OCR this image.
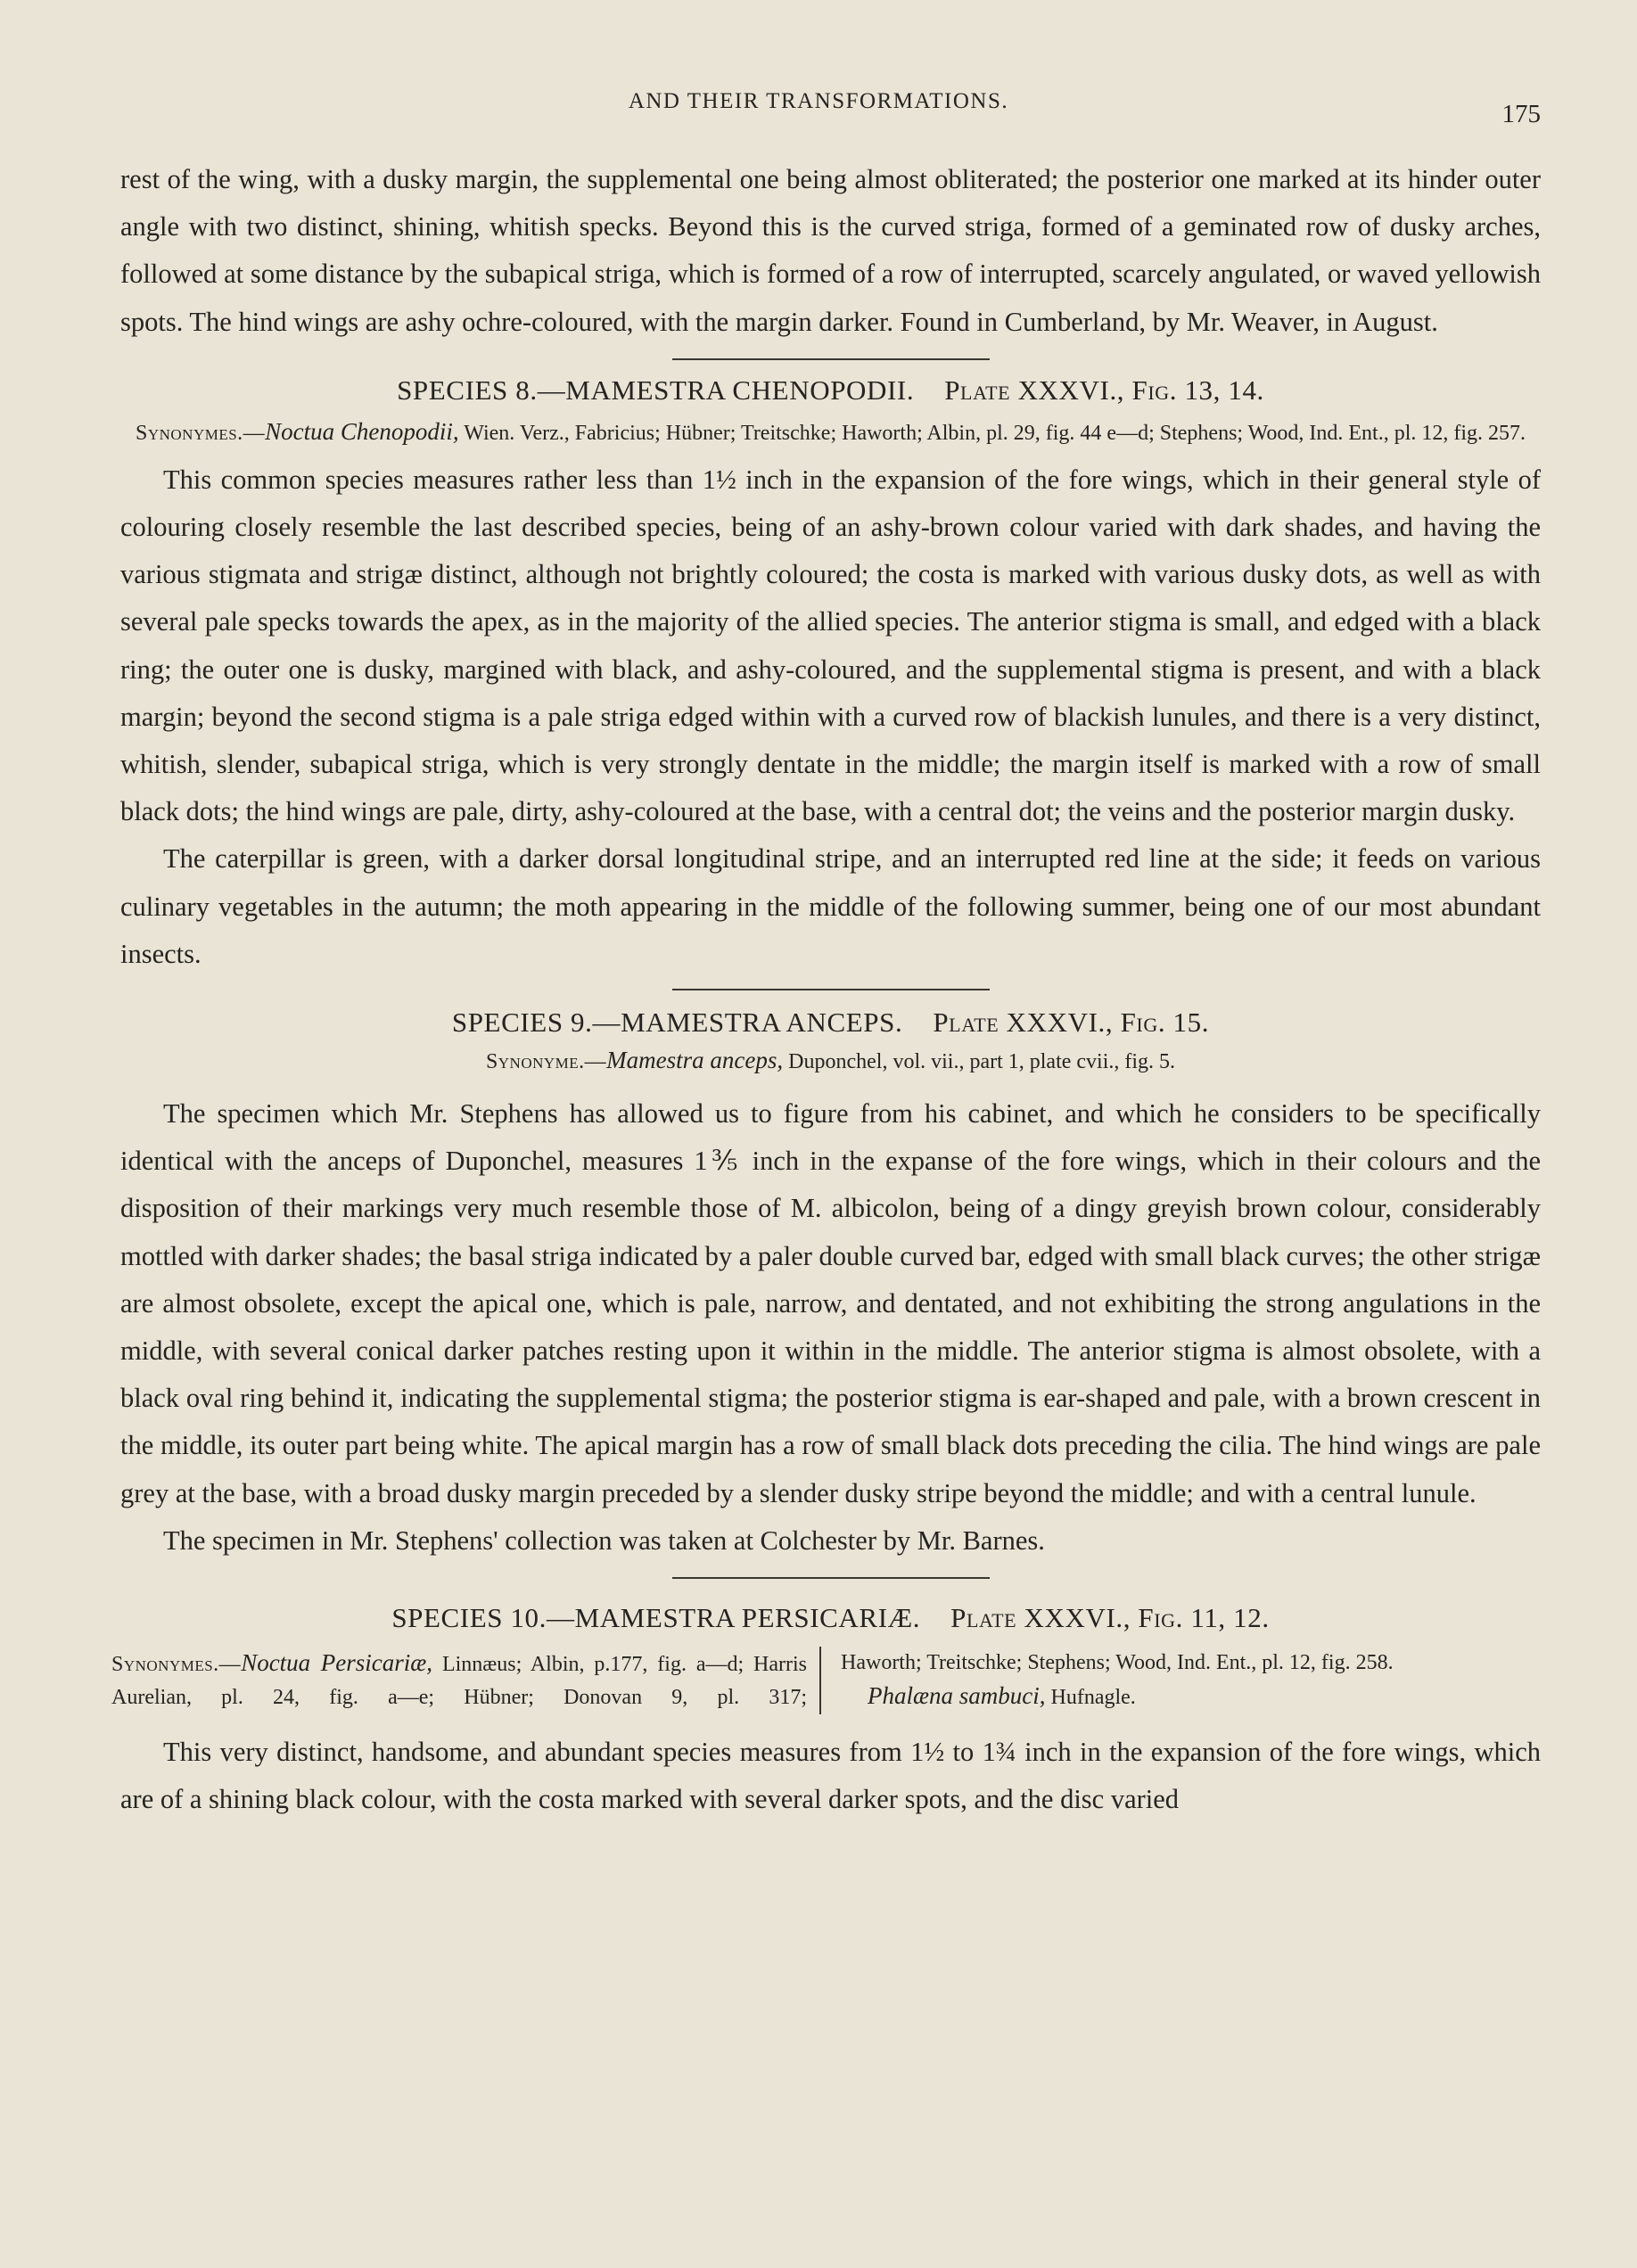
AND THEIR TRANSFORMATIONS.	175

rest of the wing, with a dusky margin, the supplemental one being almost obliterated; the posterior one marked at its hinder outer angle with two distinct, shining, whitish specks. Beyond this is the curved striga, formed of a geminated row of dusky arches, followed at some distance by the subapical striga, which is formed of a row of interrupted, scarcely angulated, or waved yellowish spots. The hind wings are ashy ochre-coloured, with the margin darker. Found in Cumberland, by Mr. Weaver, in August.

SPECIES 8.—MAMESTRA CHENOPODII. Plate XXXVI., Fig. 13, 14.
Synonymes.—Noctua Chenopodii, Wien. Verz., Fabricius; Hübner; Treitschke; Haworth; Albin, pl. 29, fig. 44 e—d; Stephens; Wood, Ind. Ent., pl. 12, fig. 257.

This common species measures rather less than 1½ inch in the expansion of the fore wings, which in their general style of colouring closely resemble the last described species, being of an ashy-brown colour varied with dark shades, and having the various stigmata and strigæ distinct, although not brightly coloured; the costa is marked with various dusky dots, as well as with several pale specks towards the apex, as in the majority of the allied species. The anterior stigma is small, and edged with a black ring; the outer one is dusky, margined with black, and ashy-coloured, and the supplemental stigma is present, and with a black margin; beyond the second stigma is a pale striga edged within with a curved row of blackish lunules, and there is a very distinct, whitish, slender, subapical striga, which is very strongly dentate in the middle; the margin itself is marked with a row of small black dots; the hind wings are pale, dirty, ashy-coloured at the base, with a central dot; the veins and the posterior margin dusky.

The caterpillar is green, with a darker dorsal longitudinal stripe, and an interrupted red line at the side; it feeds on various culinary vegetables in the autumn; the moth appearing in the middle of the following summer, being one of our most abundant insects.

SPECIES 9.—MAMESTRA ANCEPS. Plate XXXVI., Fig. 15.
Synonyme.—Mamestra anceps, Duponchel, vol. vii., part 1, plate cvii., fig. 5.

The specimen which Mr. Stephens has allowed us to figure from his cabinet, and which he considers to be specifically identical with the anceps of Duponchel, measures 1⅗ inch in the expanse of the fore wings, which in their colours and the disposition of their markings very much resemble those of M. albicolon, being of a dingy greyish brown colour, considerably mottled with darker shades; the basal striga indicated by a paler double curved bar, edged with small black curves; the other strigæ are almost obsolete, except the apical one, which is pale, narrow, and dentated, and not exhibiting the strong angulations in the middle, with several conical darker patches resting upon it within in the middle. The anterior stigma is almost obsolete, with a black oval ring behind it, indicating the supplemental stigma; the posterior stigma is ear-shaped and pale, with a brown crescent in the middle, its outer part being white. The apical margin has a row of small black dots preceding the cilia. The hind wings are pale grey at the base, with a broad dusky margin preceded by a slender dusky stripe beyond the middle; and with a central lunule.

The specimen in Mr. Stephens' collection was taken at Colchester by Mr. Barnes.

SPECIES 10.—MAMESTRA PERSICARIÆ. Plate XXXVI., Fig. 11, 12.
Synonymes.—Noctua Persicariæ, Linnæus; Albin, p.177, fig. a—d; Harris Aurelian, pl. 24, fig. a—e; Hübner; Donovan 9, pl. 317;
Haworth; Treitschke; Stephens; Wood, Ind. Ent., pl. 12, fig. 258.
Phalæna sambuci, Hufnagle.

This very distinct, handsome, and abundant species measures from 1½ to 1¾ inch in the expansion of the fore wings, which are of a shining black colour, with the costa marked with several darker spots, and the disc varied
